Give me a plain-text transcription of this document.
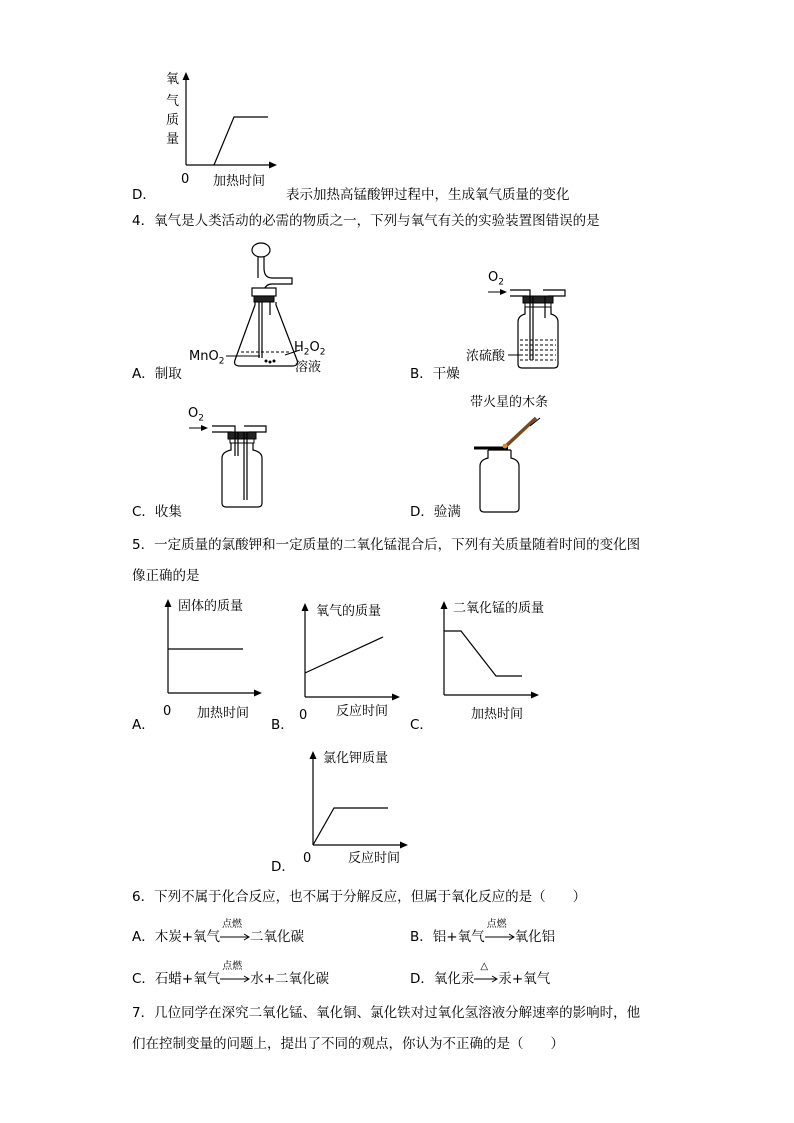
氧
气
质
量
0 加热时间
D．	表示加热高锰酸钾过程中，生成氧气质量的变化
4．氧气是人类活动的必需的物质之一，下列与氧气有关的实验装置图错误的是
MnO$_2$
$H_2O_2$
溶液
A．制取
$O_2$
浓硫酸
B．干燥
$O_2$
C．收集
带火星的木条
D．验满
5．一定质量的氯酸钾和一定质量的二氧化锰混合后，下列有关质量随着时间的变化图
像正确的是
固体的质量
0 加热时间
A．
氧气的质量
0 反应时间
B．
二氧化锰的质量
加热时间
C．
氯化钾质量
0	反应时间
D．
6．下列不属于化合反应，也不属于分解反应，但属于氧化反应的是（　　）
A．木炭+氧气
点燃
二氧化碳	B．铝+氧气
点燃
氧化铝
C．石蜡+氧气
点燃
水+二氧化碳	D．氧化汞
△
汞+氧气
7．几位同学在深究二氧化锰、氧化铜、氯化铁对过氧化氢溶液分解速率的影响时，他
们在控制变量的问题上，提出了不同的观点，你认为不正确的是（　　）
